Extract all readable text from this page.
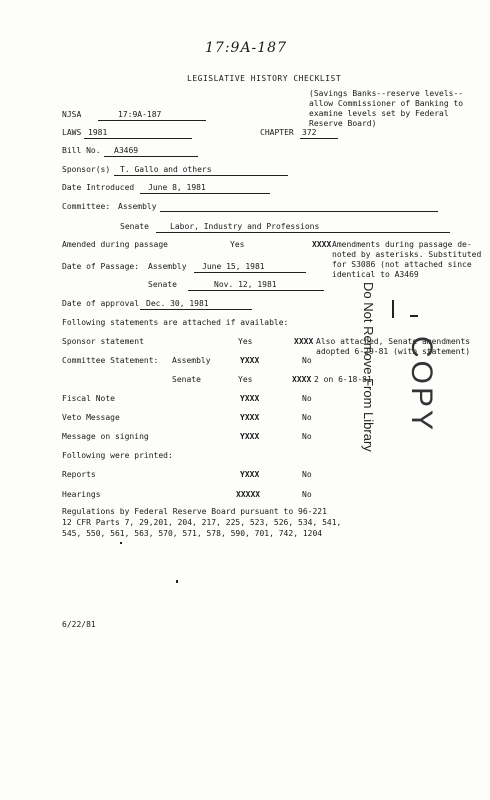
17:9A-187
LEGISLATIVE HISTORY CHECKLIST
(Savings Banks--reserve levels--
allow Commissioner of Banking to
examine levels set by Federal
Reserve Board)
NJSA	17:9A-187
LAWS 1981	CHAPTER 372
Bill No.	A3469
Sponsor(s)	T. Gallo and others
Date Introduced	June 8, 1981
Committee: Assembly
Senate	Labor, Industry and Professions
Amended during passage	Yes	XXXX Amendments during passage de-
noted by asterisks. Substituted
for S3086 (not attached since
identical to A3469
Date of Passage: Assembly	June 15, 1981
Senate	Nov. 12, 1981
Date of approval Dec. 30, 1981
Following statements are attached if available:
Sponsor statement	Yes	XXXX Also attached, Senate amendments
adopted 6-29-81 (with statement)
Committee Statement: Assembly	YXXX	No
Senate	Yes	XXXX 2 on 6-18-81
Fiscal Note	YXXX	No
Veto Message	YXXX	No
Message on signing	YXXX	No
Following were printed:
Reports	YXXX	No
Hearings	XXXXX	No
Regulations by Federal Reserve Board pursuant to 96-221
12 CFR Parts 7, 29,201, 204, 217, 225, 523, 526, 534, 541,
545, 550, 561, 563, 570, 571, 578, 590, 701, 742, 1204
6/22/81
Do Not Remove From Library COPY
